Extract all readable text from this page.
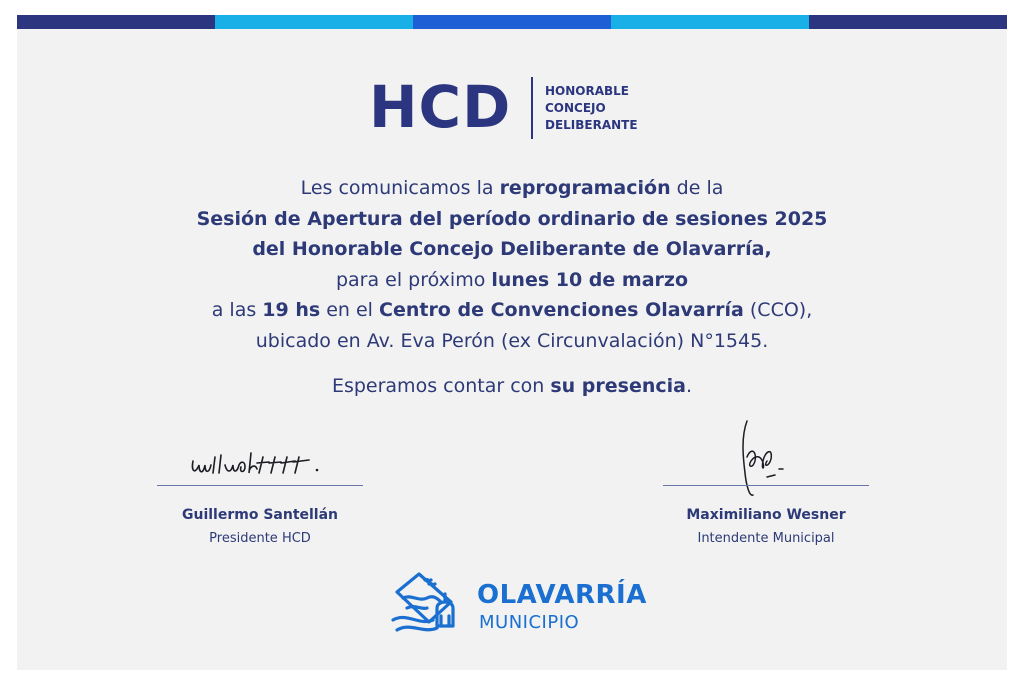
HCD	HONORABLE
CONCEJO
DELIBERANTE
Les comunicamos la reprogramación de la
Sesión de Apertura del período ordinario de sesiones 2025
del Honorable Concejo Deliberante de Olavarría,
para el próximo lunes 10 de marzo
a las 19 hs en el Centro de Convenciones Olavarría (CCO),
ubicado en Av. Eva Perón (ex Circunvalación) N°1545.
Esperamos contar con su presencia.
Guillermo Santellán
Presidente HCD
Maximiliano Wesner
Intendente Municipal
OLAVARRÍA
MUNICIPIO
